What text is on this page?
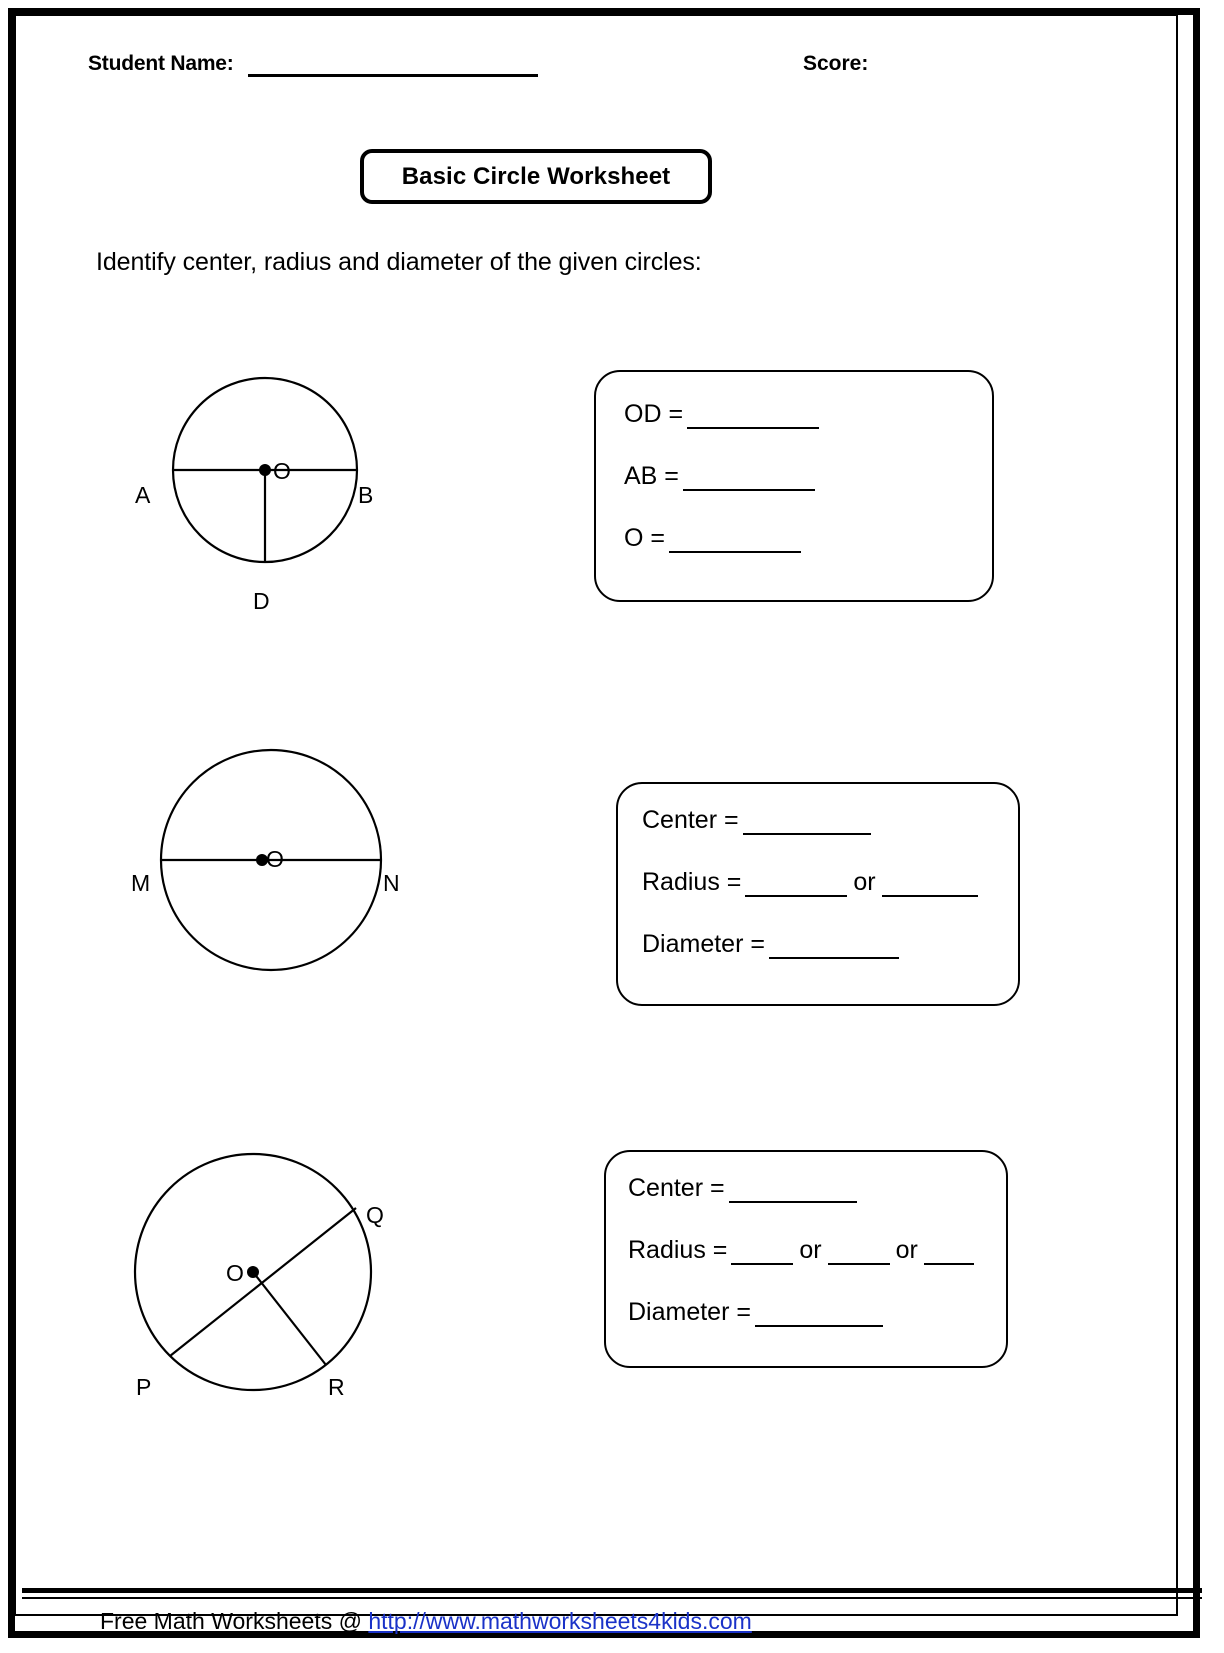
Student Name:	Score:
Basic Circle Worksheet
Identify center, radius and diameter of the given circles:
O
A	B
D
OD =
AB =
O =
O
M	N
Center =
Radius =	or
Diameter =
O
Q
P	R
Center =
Radius =	or	or
Diameter =
Free Math Worksheets @ http://www.mathworksheets4kids.com
